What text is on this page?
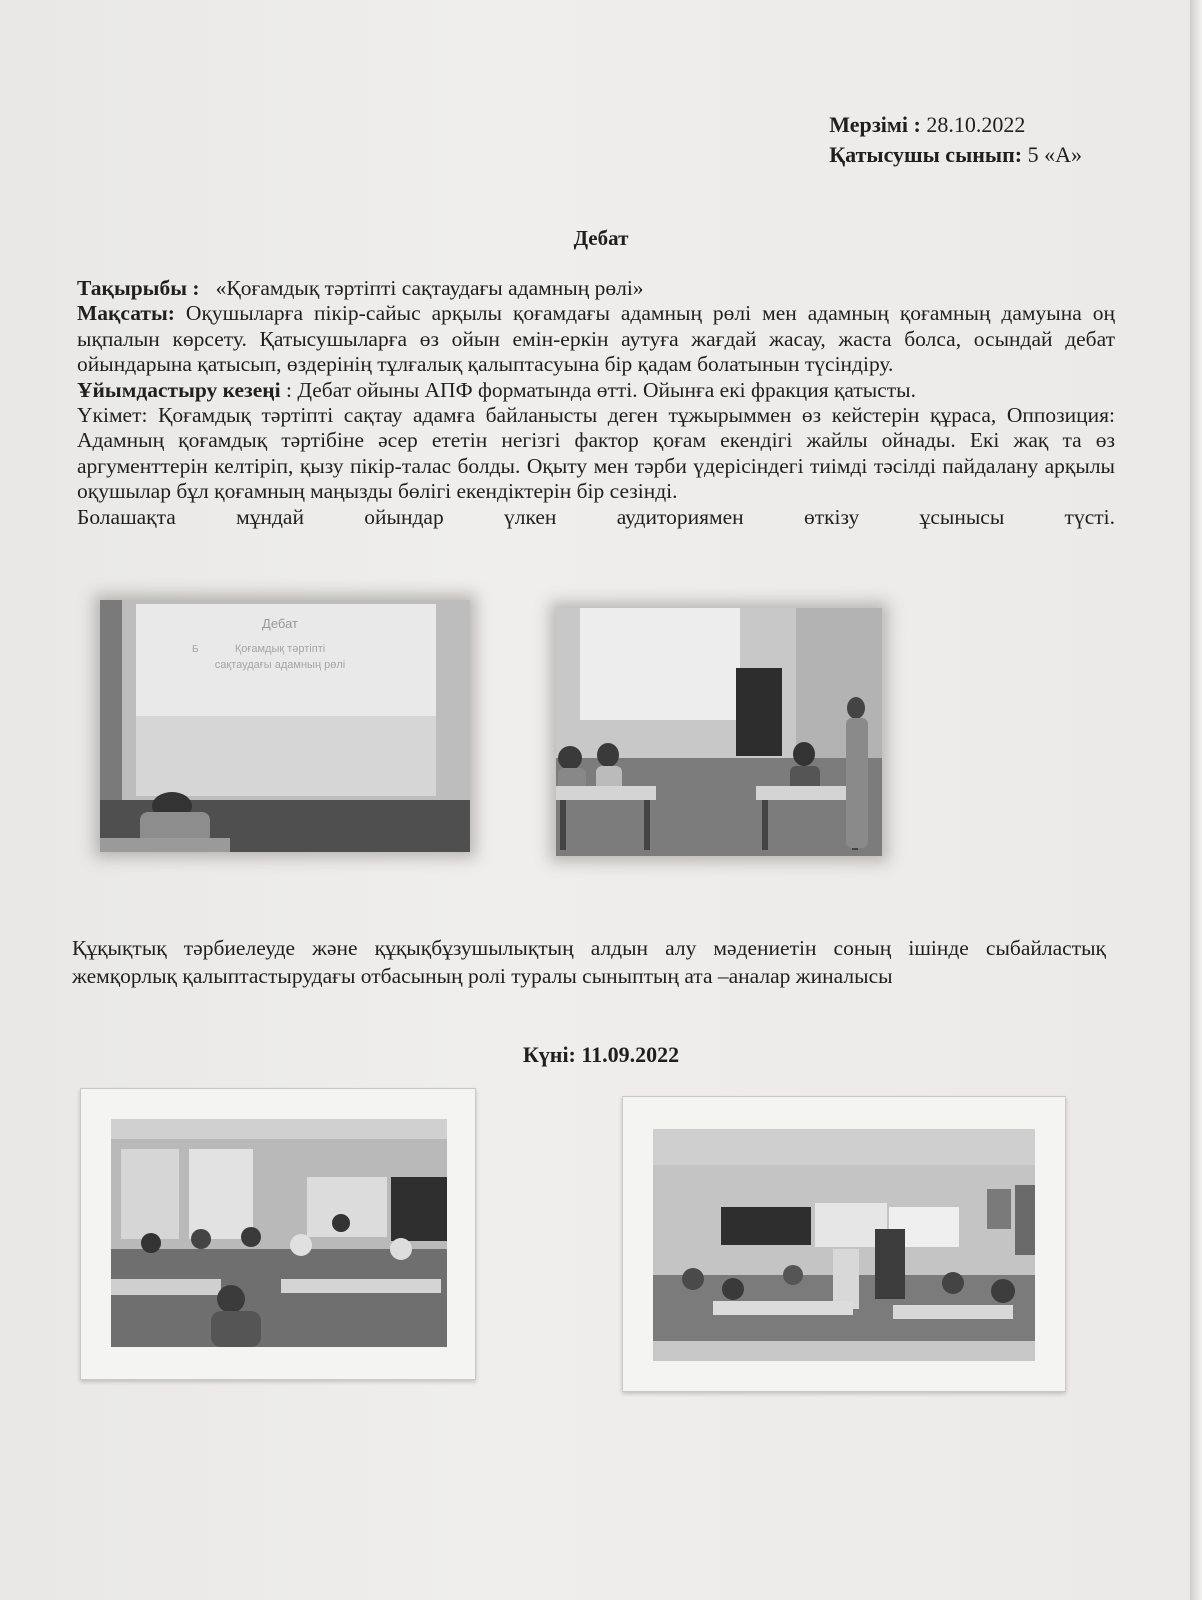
Мерзімі : 28.10.2022
Қатысушы сынып: 5 «А»
Дебат

Тақырыбы : «Қоғамдық тәртіпті сақтаудағы адамның рөлі»

Мақсаты: Оқушыларға пікір-сайыс арқылы қоғамдағы адамның рөлі мен адамның қоғамның дамуына оң ықпалын көрсету. Қатысушыларға өз ойын емін-еркін аутуға жағдай жасау, жаста болса, осындай дебат ойындарына қатысып, өздерінің тұлғалық қалыптасуына бір қадам болатынын түсіндіру.

Ұйымдастыру кезеңі : Дебат ойыны АПФ форматында өтті. Ойынға екі фракция қатысты.

Үкімет: Қоғамдық тәртіпті сақтау адамға байланысты деген тұжырыммен өз кейстерін құраса, Оппозиция: Адамның қоғамдық тәртібіне әсер ететін негізгі фактор қоғам екендігі жайлы ойнады. Екі жақ та өз аргументтерін келтіріп, қызу пікір-талас болды. Оқыту мен тәрби үдерісіндегі тиімді тәсілді пайдалану арқылы оқушылар бұл қоғамның маңызды бөлігі екендіктерін бір сезінді.

Болашақта мұндай ойындар үлкен аудиториямен өткізу ұсынысы түсті.

Дебат
Қоғамдық тәртіпті
сақтаудағы адамның рөлі
Б
Құқықтық тәрбиелеуде және құқықбұзушылықтың алдын алу мәдениетін соның ішінде сыбайластық жемқорлық қалыптастырудағы отбасының ролі туралы сыныптың ата –аналар жиналысы
Күні: 11.09.2022
